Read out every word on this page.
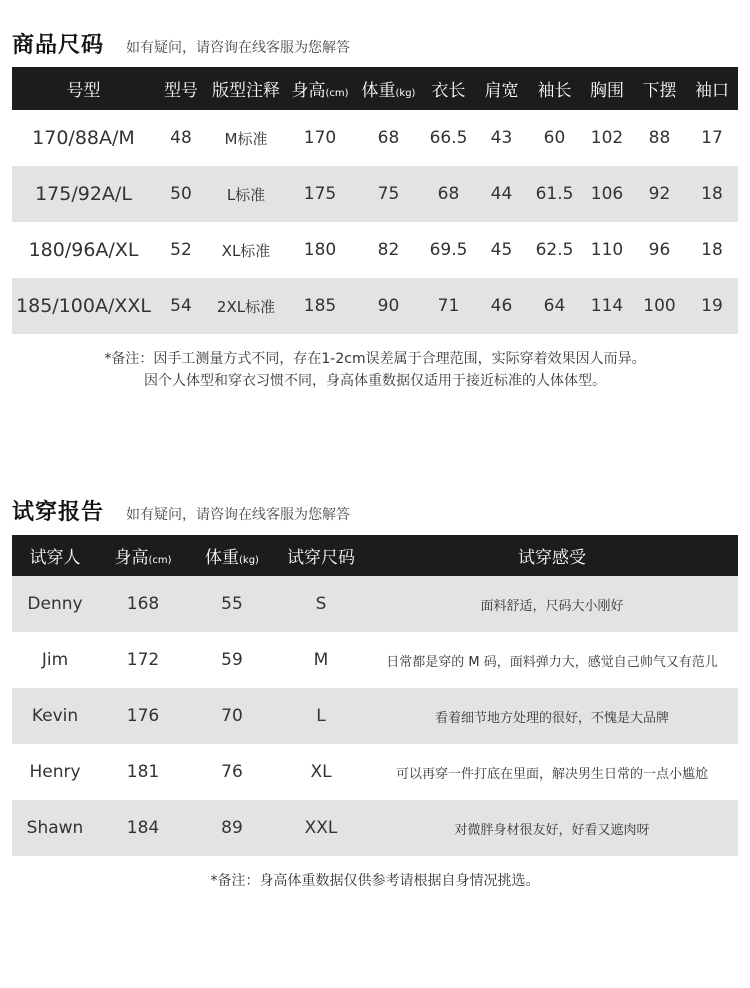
商品尺码 如有疑问，请咨询在线客服为您解答
号型	型号	版型注释	身高(cm)	体重(kg)	衣长	肩宽	袖长	胸围	下摆	袖口
170/88A/M	48	M标准	170	68	66.5	43	60	102	88	17
175/92A/L	50	L标准	175	75	68	44	61.5	106	92	18
180/96A/XL	52	XL标准	180	82	69.5	45	62.5	110	96	18
185/100A/XXL	54	2XL标准	185	90	71	46	64	114	100	19
*备注：因手工测量方式不同，存在1-2cm误差属于合理范围，实际穿着效果因人而异。
因个人体型和穿衣习惯不同，身高体重数据仅适用于接近标准的人体体型。
试穿报告 如有疑问，请咨询在线客服为您解答
试穿人	身高(cm)	体重(kg)	试穿尺码	试穿感受
Denny	168	55	S	面料舒适，尺码大小刚好
Jim	172	59	M	日常都是穿的 M 码，面料弹力大，感觉自己帅气又有范儿
Kevin	176	70	L	看着细节地方处理的很好，不愧是大品牌
Henry	181	76	XL	可以再穿一件打底在里面，解决男生日常的一点小尴尬
Shawn	184	89	XXL	对微胖身材很友好，好看又遮肉呀
*备注：身高体重数据仅供参考请根据自身情况挑选。
